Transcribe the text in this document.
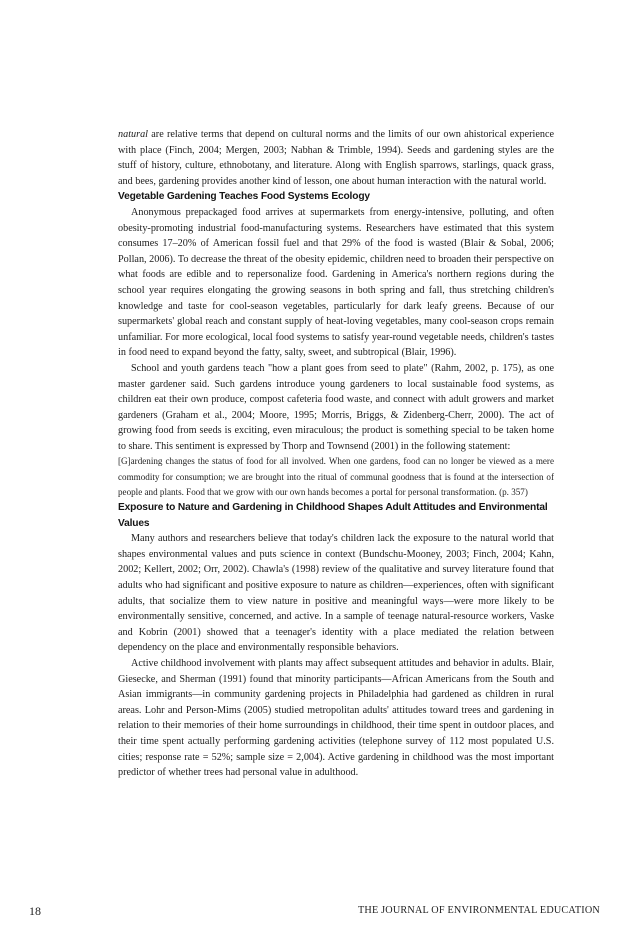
natural are relative terms that depend on cultural norms and the limits of our own ahistorical experience with place (Finch, 2004; Mergen, 2003; Nabhan & Trimble, 1994). Seeds and gardening styles are the stuff of history, culture, ethnobotany, and literature. Along with English sparrows, starlings, quack grass, and bees, gardening provides another kind of lesson, one about human interaction with the natural world.

Vegetable Gardening Teaches Food Systems Ecology

Anonymous prepackaged food arrives at supermarkets from energy-intensive, polluting, and often obesity-promoting industrial food-manufacturing systems. Researchers have estimated that this system consumes 17–20% of American fossil fuel and that 29% of the food is wasted (Blair & Sobal, 2006; Pollan, 2006). To decrease the threat of the obesity epidemic, children need to broaden their perspective on what foods are edible and to repersonalize food. Gardening in America's northern regions during the school year requires elongating the growing seasons in both spring and fall, thus stretching children's knowledge and taste for cool-season vegetables, particularly for dark leafy greens. Because of our supermarkets' global reach and constant supply of heat-loving vegetables, many cool-season crops remain unfamiliar. For more ecological, local food systems to satisfy year-round vegetable needs, children's tastes in food need to expand beyond the fatty, salty, sweet, and subtropical (Blair, 1996).

School and youth gardens teach "how a plant goes from seed to plate" (Rahm, 2002, p. 175), as one master gardener said. Such gardens introduce young gardeners to local sustainable food systems, as children eat their own produce, compost cafeteria food waste, and connect with adult growers and market gardeners (Graham et al., 2004; Moore, 1995; Morris, Briggs, & Zidenberg-Cherr, 2000). The act of growing food from seeds is exciting, even miraculous; the product is something special to be taken home to share. This sentiment is expressed by Thorp and Townsend (2001) in the following statement:

[G]ardening changes the status of food for all involved. When one gardens, food can no longer be viewed as a mere commodity for consumption; we are brought into the ritual of communal goodness that is found at the intersection of people and plants. Food that we grow with our own hands becomes a portal for personal transformation. (p. 357)

Exposure to Nature and Gardening in Childhood Shapes Adult Attitudes and Environmental Values

Many authors and researchers believe that today's children lack the exposure to the natural world that shapes environmental values and puts science in context (Bundschu-Mooney, 2003; Finch, 2004; Kahn, 2002; Kellert, 2002; Orr, 2002). Chawla's (1998) review of the qualitative and survey literature found that adults who had significant and positive exposure to nature as children—experiences, often with significant adults, that socialize them to view nature in positive and meaningful ways—were more likely to be environmentally sensitive, concerned, and active. In a sample of teenage natural-resource workers, Vaske and Kobrin (2001) showed that a teenager's identity with a place mediated the relation between dependency on the place and environmentally responsible behaviors.

Active childhood involvement with plants may affect subsequent attitudes and behavior in adults. Blair, Giesecke, and Sherman (1991) found that minority participants—African Americans from the South and Asian immigrants—in community gardening projects in Philadelphia had gardened as children in rural areas. Lohr and Person-Mims (2005) studied metropolitan adults' attitudes toward trees and gardening in relation to their memories of their home surroundings in childhood, their time spent in outdoor places, and their time spent actually performing gardening activities (telephone survey of 112 most populated U.S. cities; response rate = 52%; sample size = 2,004). Active gardening in childhood was the most important predictor of whether trees had personal value in adulthood.

18	THE JOURNAL OF ENVIRONMENTAL EDUCATION
